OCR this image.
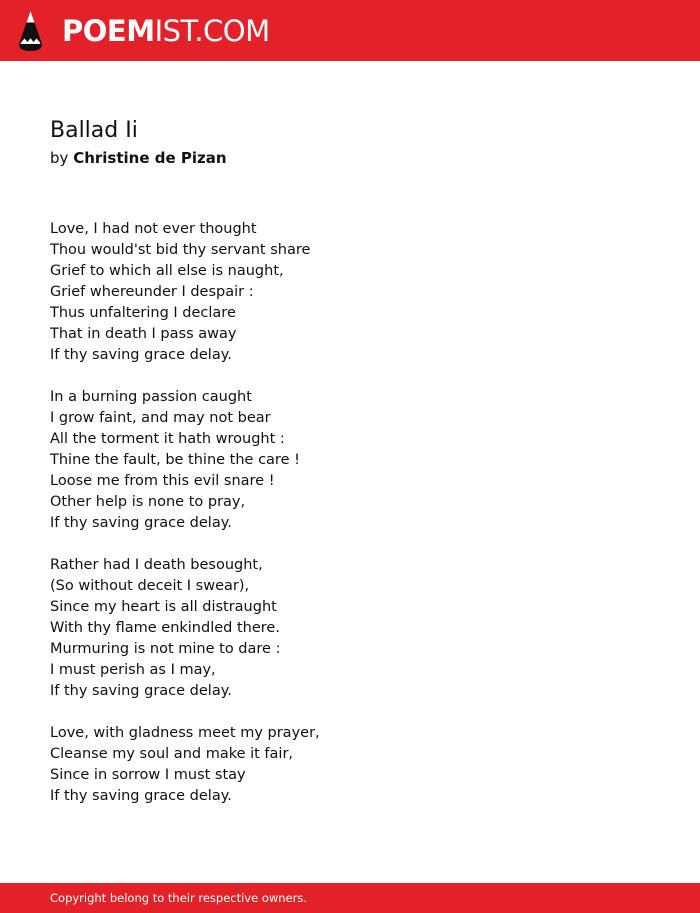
POEMIST.COM
Ballad Ii
by Christine de Pizan
Love, I had not ever thought
Thou would'st bid thy servant share
Grief to which all else is naught,
Grief whereunder I despair :
Thus unfaltering I declare
That in death I pass away
If thy saving grace delay.
In a burning passion caught
I grow faint, and may not bear
All the torment it hath wrought :
Thine the fault, be thine the care !
Loose me from this evil snare !
Other help is none to pray,
If thy saving grace delay.
Rather had I death besought,
(So without deceit I swear),
Since my heart is all distraught
With thy flame enkindled there.
Murmuring is not mine to dare :
I must perish as I may,
If thy saving grace delay.
Love, with gladness meet my prayer,
Cleanse my soul and make it fair,
Since in sorrow I must stay
If thy saving grace delay.
Copyright belong to their respective owners.
